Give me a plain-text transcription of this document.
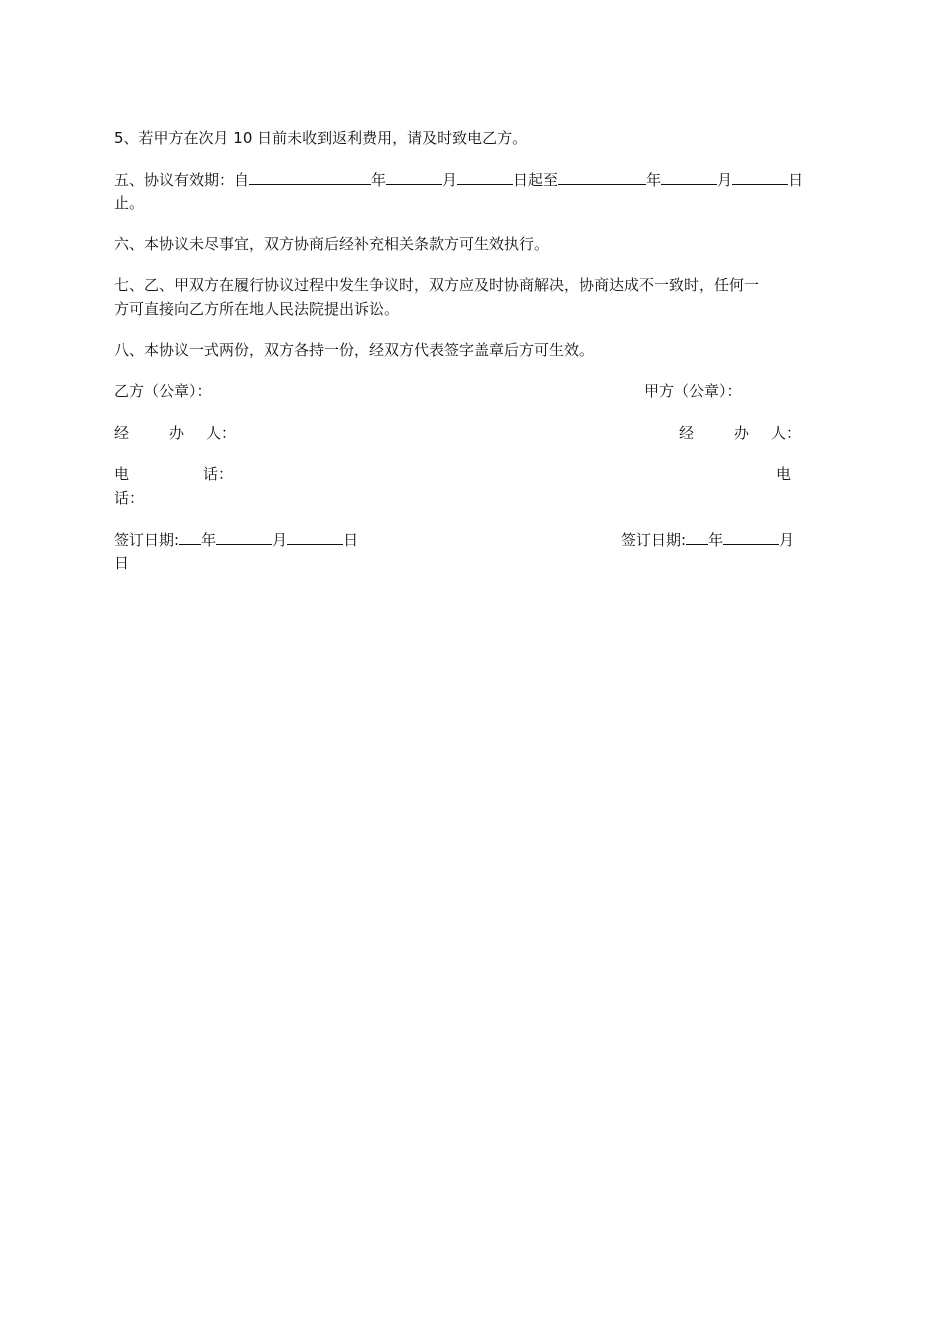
5、若甲方在次月 10 日前未收到返利费用，请及时致电乙方。
五、协议有效期：自	年	月	日起至	年	月	日
止。
六、本协议未尽事宜，双方协商后经补充相关条款方可生效执行。
七、乙、甲双方在履行协议过程中发生争议时，双方应及时协商解决，协商达成不一致时，任何一
方可直接向乙方所在地人民法院提出诉讼。
八、本协议一式两份，双方各持一份，经双方代表签字盖章后方可生效。
乙方（公章）：	甲方（公章）：
经	办 人：	经	办 人：
电	话：	电
话：
签订日期: 年	月	日	签订日期: 年	月
日
